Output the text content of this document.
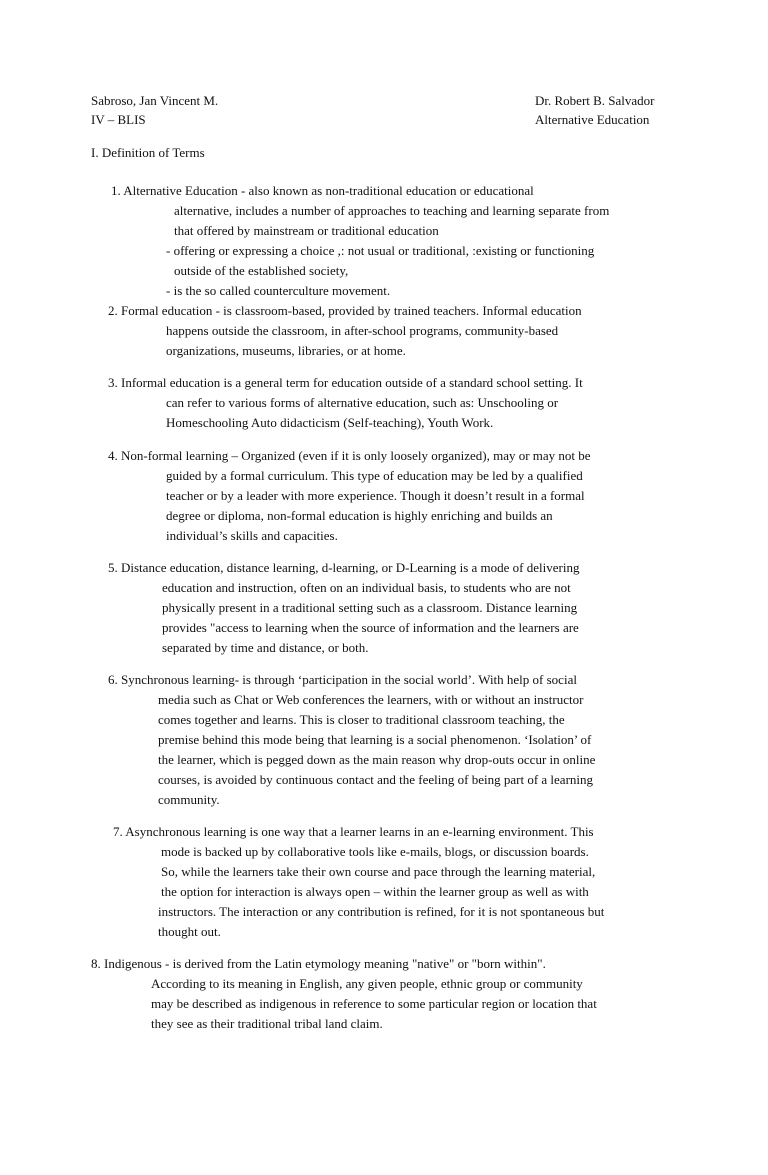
Sabroso, Jan Vincent M.
IV – BLIS
Dr. Robert B. Salvador
Alternative Education
I. Definition of Terms
1. Alternative Education - also known as non-traditional education or educational
alternative, includes a number of approaches to teaching and learning separate from
that offered by mainstream or traditional education
- offering or expressing a choice ,: not usual or traditional, :existing or functioning
outside of the established society,
- is the so called counterculture movement.
2. Formal education - is classroom-based, provided by trained teachers. Informal education
happens outside the classroom, in after-school programs, community-based
organizations, museums, libraries, or at home.
3. Informal education is a general term for education outside of a standard school setting. It
can refer to various forms of alternative education, such as: Unschooling or
Homeschooling Auto didacticism (Self-teaching), Youth Work.
4. Non-formal learning – Organized (even if it is only loosely organized), may or may not be
guided by a formal curriculum. This type of education may be led by a qualified
teacher or by a leader with more experience. Though it doesn’t result in a formal
degree or diploma, non-formal education is highly enriching and builds an
individual’s skills and capacities.
5. Distance education, distance learning, d-learning, or D-Learning is a mode of delivering
education and instruction, often on an individual basis, to students who are not
physically present in a traditional setting such as a classroom. Distance learning
provides "access to learning when the source of information and the learners are
separated by time and distance, or both.
6. Synchronous learning- is through ‘participation in the social world’. With help of social
media such as Chat or Web conferences the learners, with or without an instructor
comes together and learns. This is closer to traditional classroom teaching, the
premise behind this mode being that learning is a social phenomenon. ‘Isolation’ of
the learner, which is pegged down as the main reason why drop-outs occur in online
courses, is avoided by continuous contact and the feeling of being part of a learning
community.
7. Asynchronous learning is one way that a learner learns in an e-learning environment. This
mode is backed up by collaborative tools like e-mails, blogs, or discussion boards.
So, while the learners take their own course and pace through the learning material,
the option for interaction is always open – within the learner group as well as with
instructors. The interaction or any contribution is refined, for it is not spontaneous but
thought out.
8. Indigenous - is derived from the Latin etymology meaning "native" or "born within".
According to its meaning in English, any given people, ethnic group or community
may be described as indigenous in reference to some particular region or location that
they see as their traditional tribal land claim.
